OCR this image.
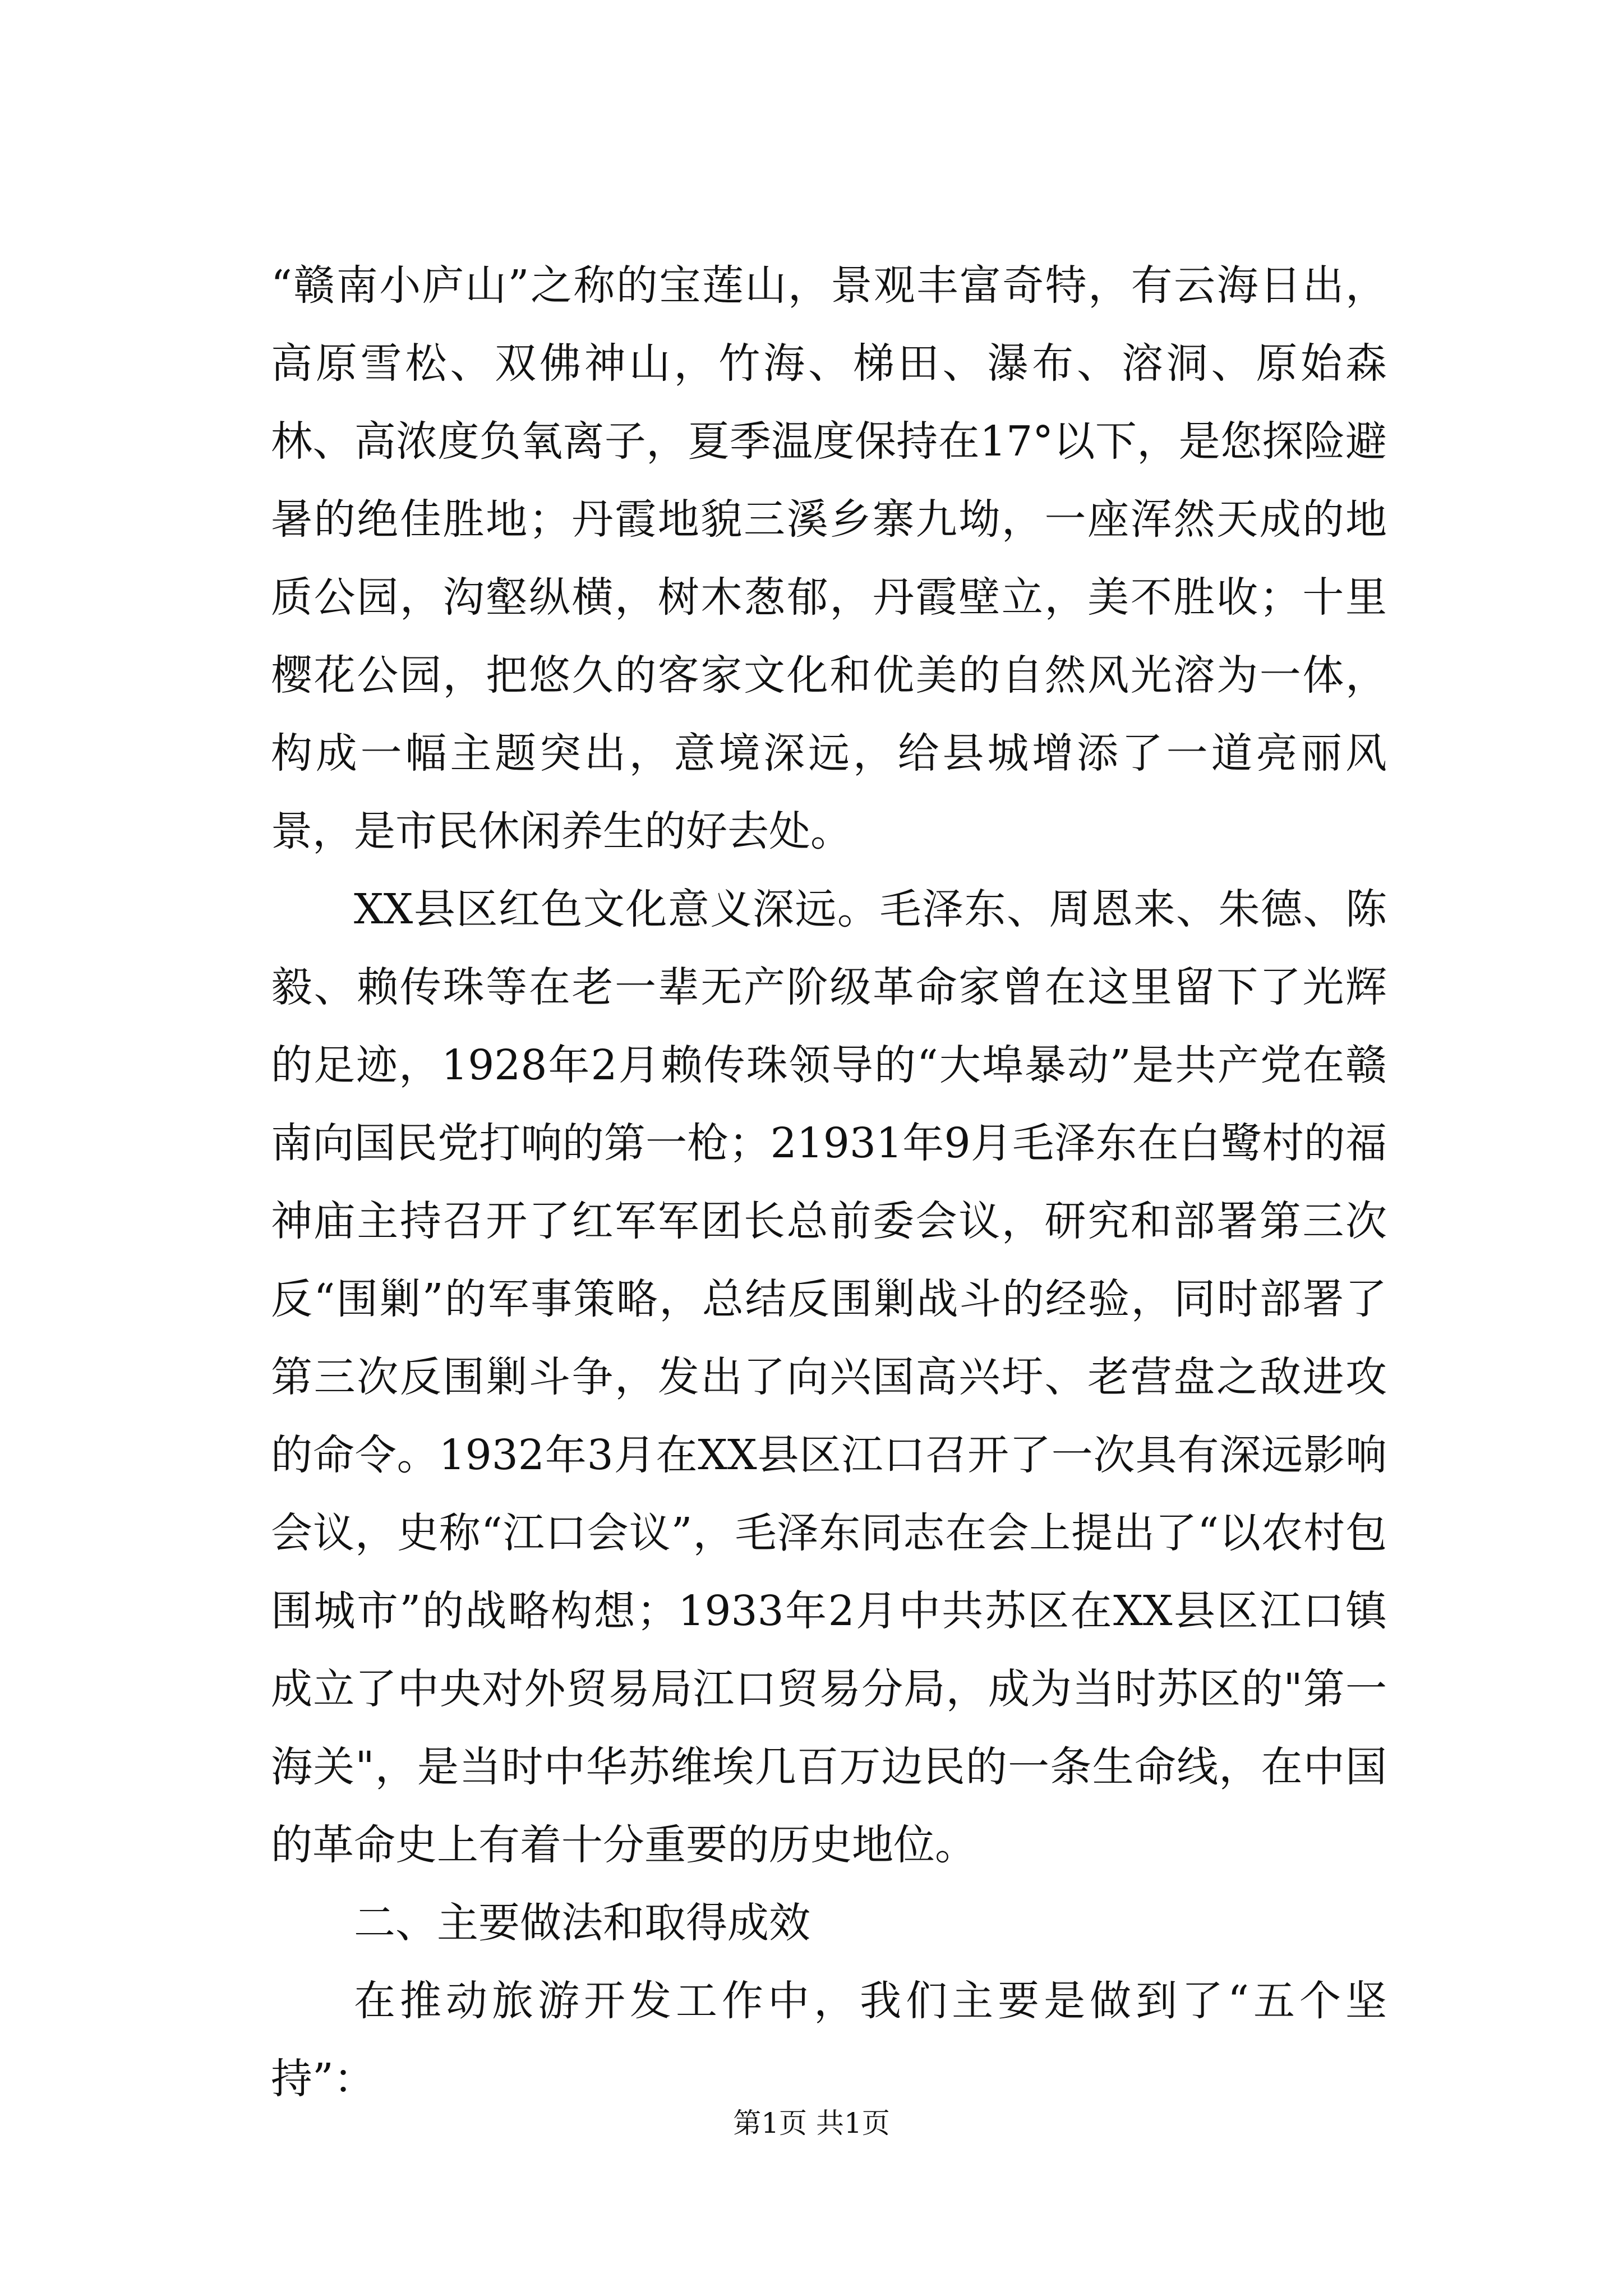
“赣南小庐山”之称的宝莲山，景观丰富奇特，有云海日出，高原雪松、双佛神山，竹海、梯田、瀑布、溶洞、原始森林、高浓度负氧离子，夏季温度保持在17°以下，是您探险避暑的绝佳胜地；丹霞地貌三溪乡寨九坳，一座浑然天成的地质公园，沟壑纵横，树木葱郁，丹霞壁立，美不胜收；十里樱花公园，把悠久的客家文化和优美的自然风光溶为一体，构成一幅主题突出，意境深远，给县城增添了一道亮丽风景，是市民休闲养生的好去处。

XX县区红色文化意义深远。毛泽东、周恩来、朱德、陈毅、赖传珠等在老一辈无产阶级革命家曾在这里留下了光辉的足迹，1928年2月赖传珠领导的“大埠暴动”是共产党在赣南向国民党打响的第一枪；21931年9月毛泽东在白鹭村的福神庙主持召开了红军军团长总前委会议，研究和部署第三次反“围剿”的军事策略，总结反围剿战斗的经验，同时部署了第三次反围剿斗争，发出了向兴国高兴圩、老营盘之敌进攻的命令。1932年3月在XX县区江口召开了一次具有深远影响会议，史称“江口会议”，毛泽东同志在会上提出了“以农村包围城市”的战略构想；1933年2月中共苏区在XX县区江口镇成立了中央对外贸易局江口贸易分局，成为当时苏区的"第一海关"，是当时中华苏维埃几百万边民的一条生命线，在中国的革命史上有着十分重要的历史地位。

二、主要做法和取得成效

在推动旅游开发工作中，我们主要是做到了“五个坚持”：

第1页 共1页
